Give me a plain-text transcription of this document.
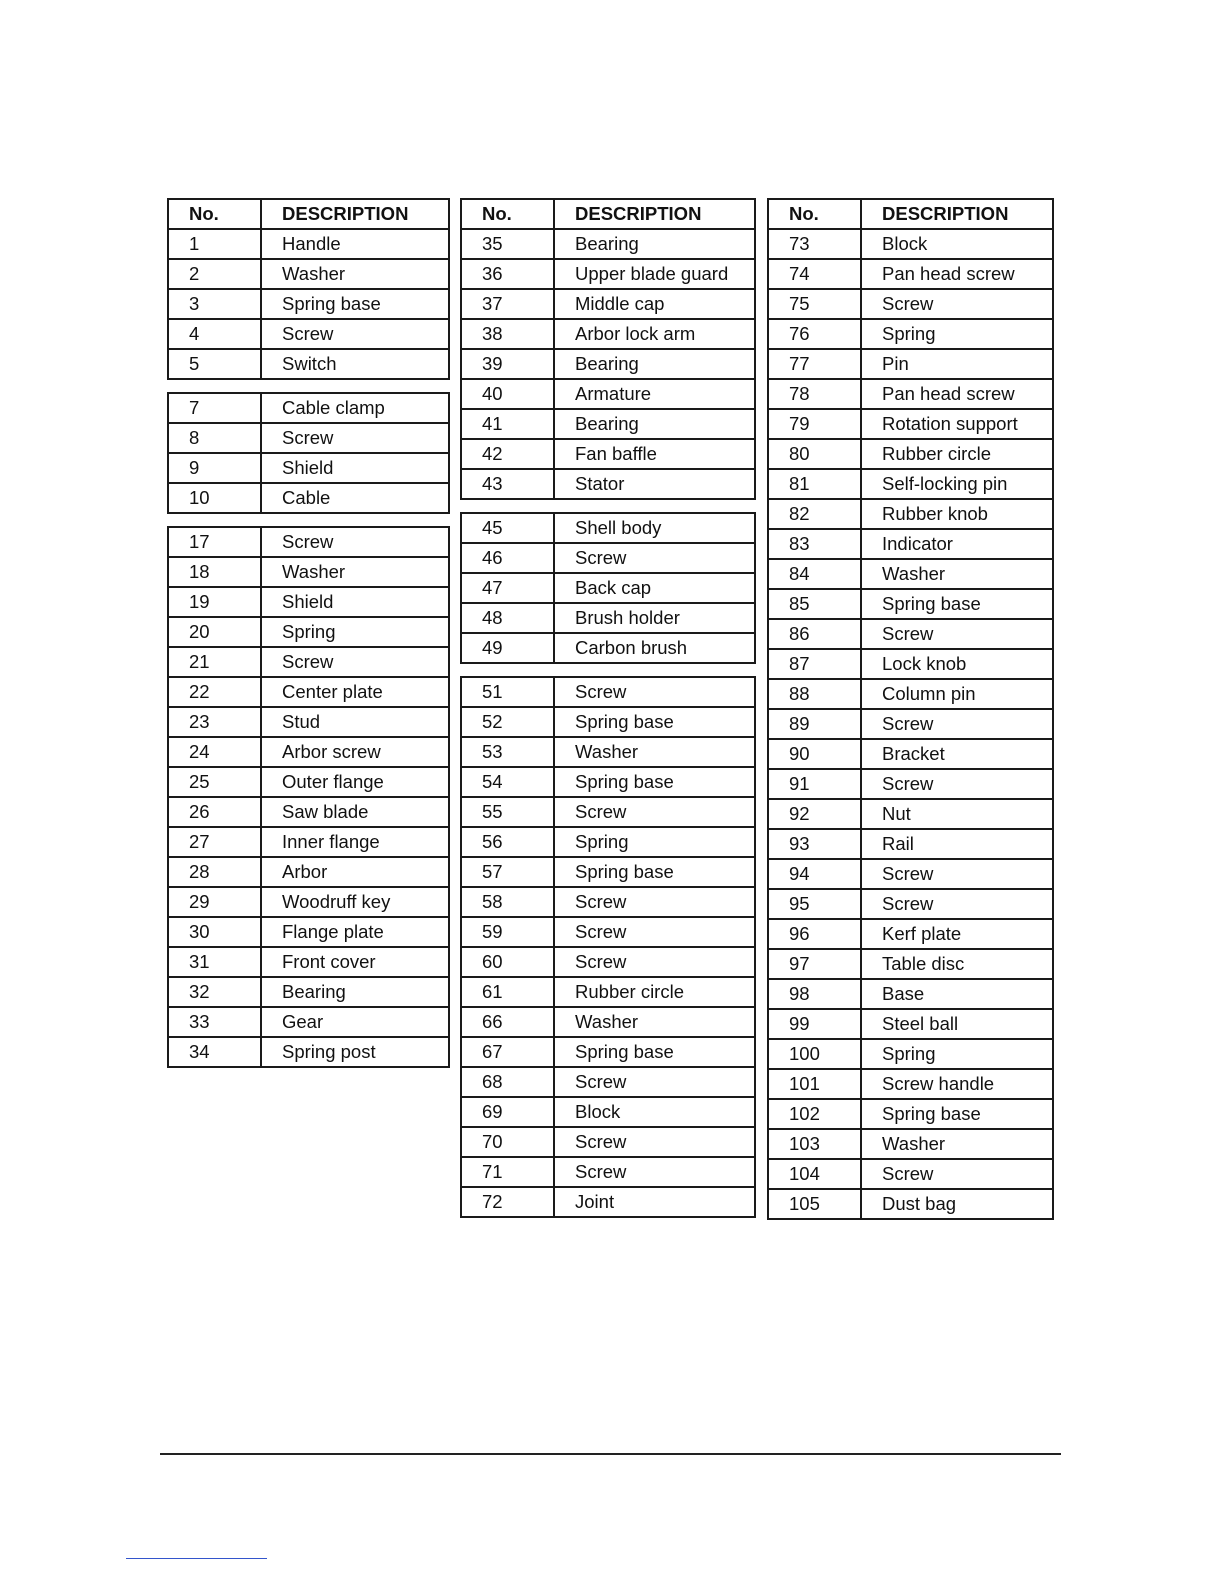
No.	DESCRIPTION
1	Handle
2	Washer
3	Spring base
4	Screw
5	Switch
7	Cable clamp
8	Screw
9	Shield
10	Cable
17	Screw
18	Washer
19	Shield
20	Spring
21	Screw
22	Center plate
23	Stud
24	Arbor screw
25	Outer flange
26	Saw blade
27	Inner flange
28	Arbor
29	Woodruff key
30	Flange plate
31	Front cover
32	Bearing
33	Gear
34	Spring post
No.	DESCRIPTION
35	Bearing
36	Upper blade guard
37	Middle cap
38	Arbor lock arm
39	Bearing
40	Armature
41	Bearing
42	Fan baffle
43	Stator
45	Shell body
46	Screw
47	Back cap
48	Brush holder
49	Carbon brush
51	Screw
52	Spring base
53	Washer
54	Spring base
55	Screw
56	Spring
57	Spring base
58	Screw
59	Screw
60	Screw
61	Rubber circle
66	Washer
67	Spring base
68	Screw
69	Block
70	Screw
71	Screw
72	Joint
No.	DESCRIPTION
73	Block
74	Pan head screw
75	Screw
76	Spring
77	Pin
78	Pan head screw
79	Rotation support
80	Rubber circle
81	Self-locking pin
82	Rubber knob
83	Indicator
84	Washer
85	Spring base
86	Screw
87	Lock knob
88	Column pin
89	Screw
90	Bracket
91	Screw
92	Nut
93	Rail
94	Screw
95	Screw
96	Kerf plate
97	Table disc
98	Base
99	Steel ball
100	Spring
101	Screw handle
102	Spring base
103	Washer
104	Screw
105	Dust bag
